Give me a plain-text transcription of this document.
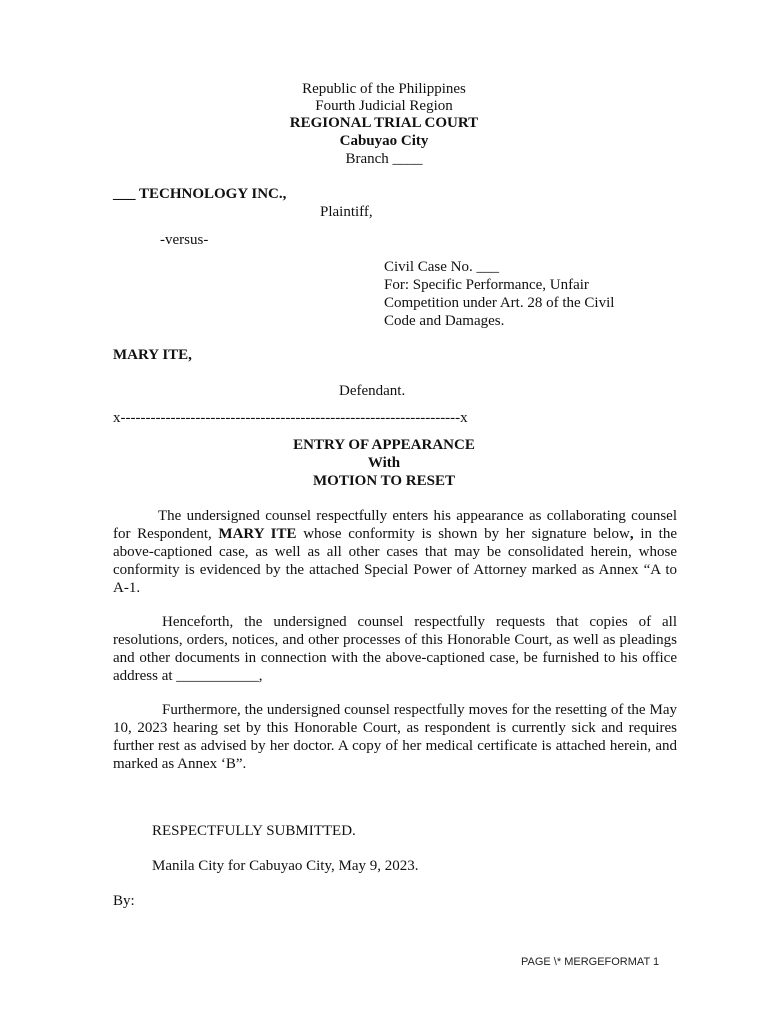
Republic of the Philippines
Fourth Judicial Region
REGIONAL TRIAL COURT
Cabuyao City
Branch ____
___ TECHNOLOGY INC.,
Plaintiff,
-versus-
Civil Case No. ___
For: Specific Performance, Unfair
Competition under Art. 28 of the Civil
Code and Damages.
MARY ITE,
Defendant.
x--------------------------------------------------------------------x
ENTRY OF APPEARANCE
With
MOTION TO RESET
The undersigned counsel respectfully enters his appearance as collaborating counsel for Respondent, MARY ITE whose conformity is shown by her signature below, in the above-captioned case, as well as all other cases that may be consolidated herein, whose conformity is evidenced by the attached Special Power of Attorney marked as Annex “A to A-1.
Henceforth, the undersigned counsel respectfully requests that copies of all resolutions, orders, notices, and other processes of this Honorable Court, as well as pleadings and other documents in connection with the above-captioned case, be furnished to his office address at ___________,
Furthermore, the undersigned counsel respectfully moves for the resetting of the May 10, 2023 hearing set by this Honorable Court, as respondent is currently sick and requires further rest as advised by her doctor. A copy of her medical certificate is attached herein, and marked as Annex ‘B”.
RESPECTFULLY SUBMITTED.
Manila City for Cabuyao City, May 9, 2023.
By:
PAGE \* MERGEFORMAT 1
